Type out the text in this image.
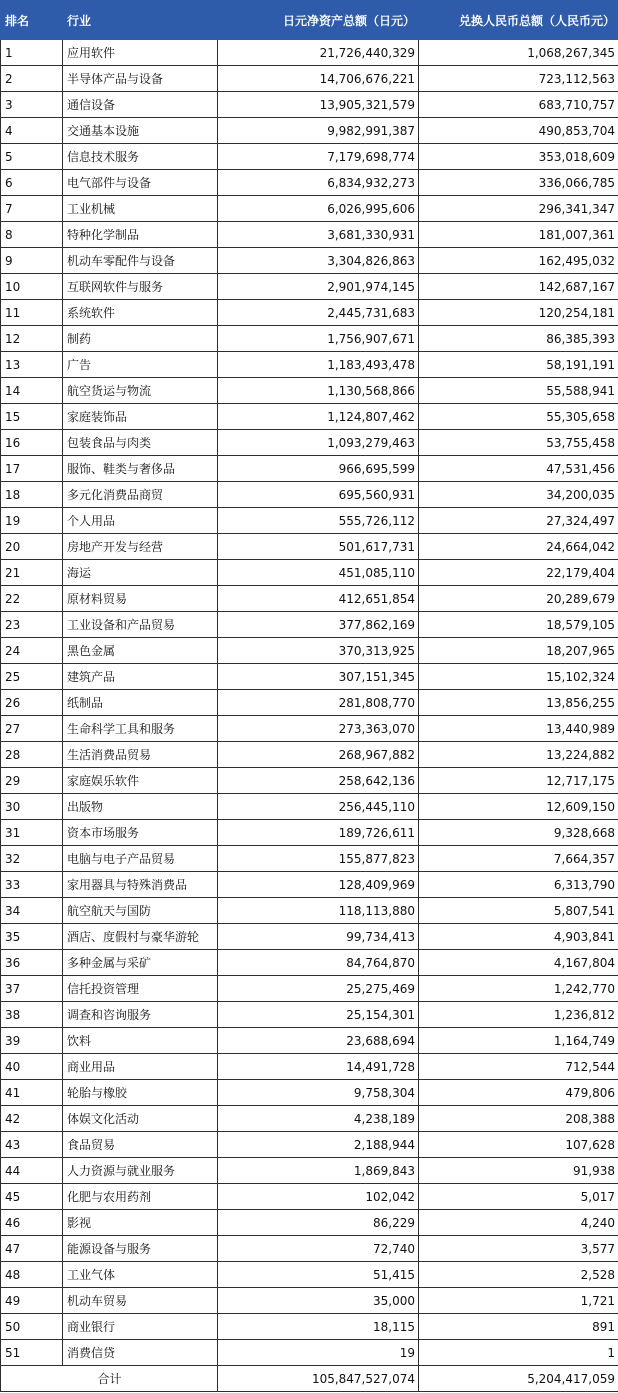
排名	行业	日元净资产总额（日元）	兑换人民币总额（人民币元）
1	应用软件	21,726,440,329	1,068,267,345
2	半导体产品与设备	14,706,676,221	723,112,563
3	通信设备	13,905,321,579	683,710,757
4	交通基本设施	9,982,991,387	490,853,704
5	信息技术服务	7,179,698,774	353,018,609
6	电气部件与设备	6,834,932,273	336,066,785
7	工业机械	6,026,995,606	296,341,347
8	特种化学制品	3,681,330,931	181,007,361
9	机动车零配件与设备	3,304,826,863	162,495,032
10	互联网软件与服务	2,901,974,145	142,687,167
11	系统软件	2,445,731,683	120,254,181
12	制药	1,756,907,671	86,385,393
13	广告	1,183,493,478	58,191,191
14	航空货运与物流	1,130,568,866	55,588,941
15	家庭装饰品	1,124,807,462	55,305,658
16	包装食品与肉类	1,093,279,463	53,755,458
17	服饰、鞋类与奢侈品	966,695,599	47,531,456
18	多元化消费品商贸	695,560,931	34,200,035
19	个人用品	555,726,112	27,324,497
20	房地产开发与经营	501,617,731	24,664,042
21	海运	451,085,110	22,179,404
22	原材料贸易	412,651,854	20,289,679
23	工业设备和产品贸易	377,862,169	18,579,105
24	黑色金属	370,313,925	18,207,965
25	建筑产品	307,151,345	15,102,324
26	纸制品	281,808,770	13,856,255
27	生命科学工具和服务	273,363,070	13,440,989
28	生活消费品贸易	268,967,882	13,224,882
29	家庭娱乐软件	258,642,136	12,717,175
30	出版物	256,445,110	12,609,150
31	资本市场服务	189,726,611	9,328,668
32	电脑与电子产品贸易	155,877,823	7,664,357
33	家用器具与特殊消费品	128,409,969	6,313,790
34	航空航天与国防	118,113,880	5,807,541
35	酒店、度假村与豪华游轮	99,734,413	4,903,841
36	多种金属与采矿	84,764,870	4,167,804
37	信托投资管理	25,275,469	1,242,770
38	调查和咨询服务	25,154,301	1,236,812
39	饮料	23,688,694	1,164,749
40	商业用品	14,491,728	712,544
41	轮胎与橡胶	9,758,304	479,806
42	体娱文化活动	4,238,189	208,388
43	食品贸易	2,188,944	107,628
44	人力资源与就业服务	1,869,843	91,938
45	化肥与农用药剂	102,042	5,017
46	影视	86,229	4,240
47	能源设备与服务	72,740	3,577
48	工业气体	51,415	2,528
49	机动车贸易	35,000	1,721
50	商业银行	18,115	891
51	消费信贷	19	1
合计		105,847,527,074	5,204,417,059
